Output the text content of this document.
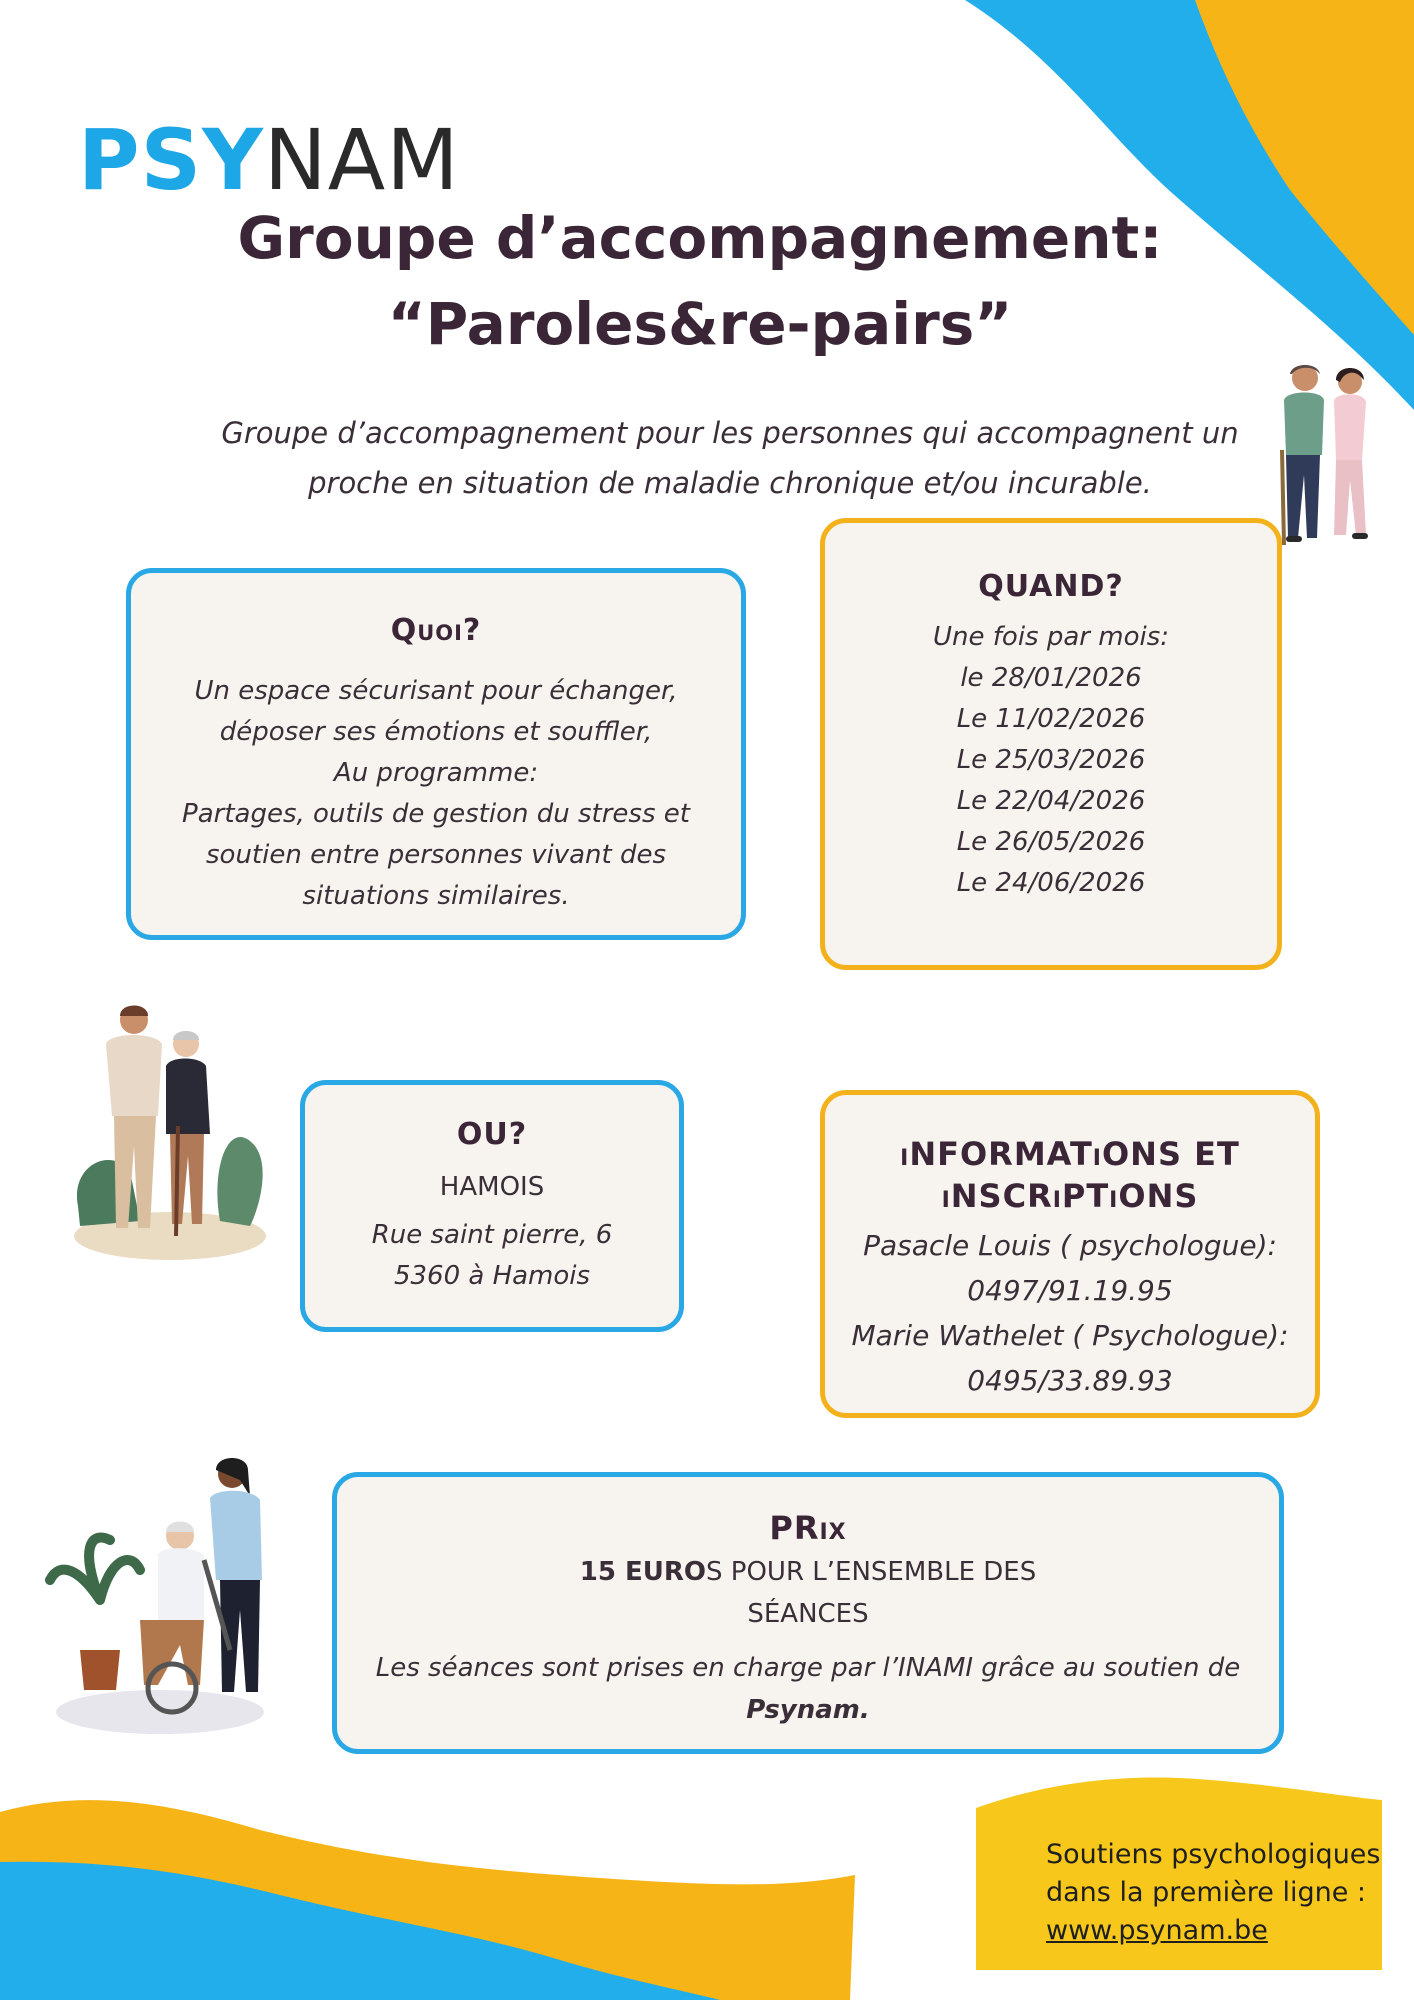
PSYNAM
Groupe d’accompagnement:
“Paroles&re-pairs”
Groupe d’accompagnement pour les personnes qui accompagnent un
proche en situation de maladie chronique et/ou incurable.
Quoi?
Un espace sécurisant pour échanger,
déposer ses émotions et souffler,
Au programme:
Partages, outils de gestion du stress et
soutien entre personnes vivant des
situations similaires.
QUAND?
Une fois par mois:
le 28/01/2026
Le 11/02/2026
Le 25/03/2026
Le 22/04/2026
Le 26/05/2026
Le 24/06/2026
OU?
HAMOIS
Rue saint pierre, 6
5360 à Hamois
iNFORMATiONS ET
iNSCRiPTiONS
Pasacle Louis ( psychologue):
0497/91.19.95
Marie Wathelet ( Psychologue):
0495/33.89.93
PRix
15 EUROS POUR L’ENSEMBLE DES
SÉANCES
Les séances sont prises en charge par l’INAMI grâce au soutien de
Psynam.
Soutiens psychologiques
dans la première ligne :
www.psynam.be
